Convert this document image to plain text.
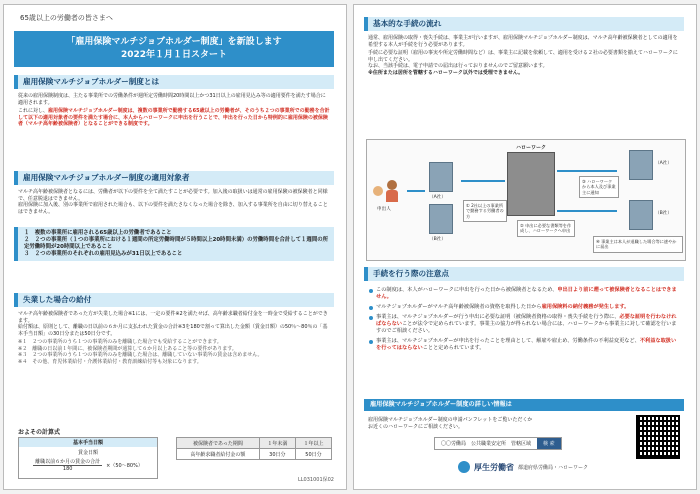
65歳以上の労働者の皆さまへ
「雇用保険マルチジョブホルダー制度」を新設します
2022年１月１日スタート
雇用保険マルチジョブホルダー制度とは

従来の雇用保険制度は、主たる事業所での労働条件が週所定労働時間20時間以上かつ31日以上の雇用見込み等の適用要件を満たす場合に適用されます。

これに対し、雇用保険マルチジョブホルダー制度は、複数の事業所で勤務する65歳以上の労働者が、そのうち２つの事業所での勤務を合計して以下の適用対象者の要件を満たす場合に、本人からハローワークに申出を行うことで、申出を行った日から特例的に雇用保険の被保険者（マルチ高年齢被保険者）となることができる制度です。

雇用保険マルチジョブホルダー制度の適用対象者

マルチ高年齢被保険者となるには、労働者が以下の要件を全て満たすことが必要です。加入後の取扱いは通常の雇用保険の被保険者と同様で、任意脱退はできません。

雇用保険に加入後、別の事業所で雇用された場合も、以下の要件を満たさなくなった場合を除き、加入する事業所を自由に切り替えることはできません。

１　複数の事業所に雇用される65歳以上の労働者であること
２　２つの事業所（１つの事業所における１週間の所定労働時間が５時間以上20時間未満）の労働時間を合計して１週間の所定労働時間が20時間以上であること
３　２つの事業所のそれぞれの雇用見込みが31日以上であること
失業した場合の給付

マルチ高年齢被保険者であった方が失業した場合※1には、一定の要件※2を満たせば、高年齢求職者給付金を一時金で受給することができます。

給付額は、原則として、離職の日以前の６か月に支払われた賃金の合計※3を180で割って算出した金額（賃金日額）の50％～80％の「基本手当日額」の30日分または50日分です。

※１　２つの事業所のうち１つの事業所のみを離職した場合でも受給することができます。

※２　離職の日以前１年間に、被保険者期間が通算して６か月以上あること等の要件があります。

※３　２つの事業所のうち１つの事業所のみを離職した場合は、離職していない事業所の賃金は含めません。

※４　その他、育児休業給付・介護休業給付・教育訓練給付等も対象になります。

およその計算式
基本手当日額
賃金日額
離職以前６か月の賃金の合計
180
×（50～80%）
被保険者であった期間	１年未満	１年以上
高年齢求職者給付金の額	30日分	50日分
LL031001保02
基本的な手続の流れ

通常、雇用保険の取得・喪失手続は、事業主が行いますが、雇用保険マルチジョブホルダー制度は、マルチ高年齢被保険者としての適用を希望する本人が手続を行う必要があります。

手続に必要な証明（雇用の事実や所定労働時間など）は、事業主に記載を依頼して、適用を受ける２社の必要書類を揃えてハローワークに申し出てください。

なお、当該手続は、電子申請での届出は行っておりませんのでご留意願います。

※住所または居所を管轄するハローワーク以外では受理できません。

申出人
（A社）
（B社）
① 2社以上の事業所で勤務する労働者の方
ハローワーク
② 申出に必要な書類等を作成し、ハローワークへ申出
③ ハローワークから本人及び事業主に通知
（A社）
（B社）
④ 事業主は本人が退職した場合等に速やかに届出
手続を行う際の注意点
この制度は、本人がハローワークに申出を行った日から被保険者となるため、申出日より前に遡って被保険者となることはできません。
マルチジョブホルダーがマルチ高年齢被保険者の資格を取得した日から雇用保険料の納付義務が発生します。
事業主は、マルチジョブホルダーが行う申出に必要な証明（被保険者資格の取得・喪失手続を行う際に、必要な証明を行わなければならないことが法令で定められています。事業主の協力が得られない場合には、ハローワークから事業主に対して確認を行いますのでご相談ください。
事業主は、マルチジョブホルダーが申出を行ったことを理由として、解雇や雇止め、労働条件の不利益変更など、不利益な取扱いを行ってはならないことと定められています。
雇用保険マルチジョブホルダー制度の詳しい情報は
雇用保険マルチジョブホルダー制度の申請パンフレットをご覧いただくか
お近くのハローワークにご相談ください。
〇〇労働局　公共職業安定所　管轄区域	検 索
厚生労働省 都道府県労働局・ハローワーク
